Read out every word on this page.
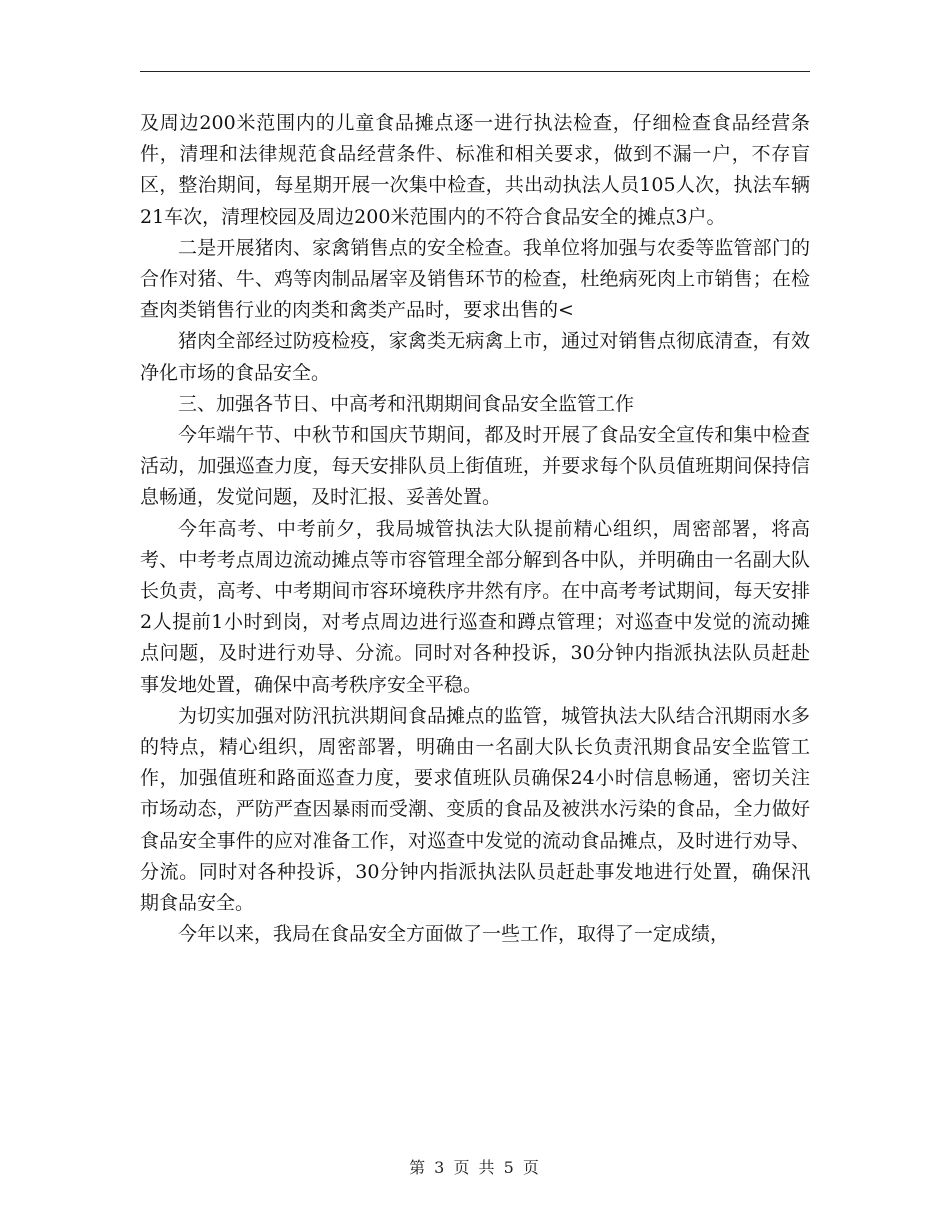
及周边200米范围内的儿童食品摊点逐一进行执法检查，仔细检查食品经营条件，清理和法律规范食品经营条件、标准和相关要求，做到不漏一户，不存盲区，整治期间，每星期开展一次集中检查，共出动执法人员105人次，执法车辆21车次，清理校园及周边200米范围内的不符合食品安全的摊点3户。

二是开展猪肉、家禽销售点的安全检查。我单位将加强与农委等监管部门的合作对猪、牛、鸡等肉制品屠宰及销售环节的检查，杜绝病死肉上市销售；在检查肉类销售行业的肉类和禽类产品时，要求出售的<

猪肉全部经过防疫检疫，家禽类无病禽上市，通过对销售点彻底清查，有效净化市场的食品安全。

三、加强各节日、中高考和汛期期间食品安全监管工作

今年端午节、中秋节和国庆节期间，都及时开展了食品安全宣传和集中检查活动，加强巡查力度，每天安排队员上街值班，并要求每个队员值班期间保持信息畅通，发觉问题，及时汇报、妥善处置。

今年高考、中考前夕，我局城管执法大队提前精心组织，周密部署，将高考、中考考点周边流动摊点等市容管理全部分解到各中队，并明确由一名副大队长负责，高考、中考期间市容环境秩序井然有序。在中高考考试期间，每天安排2人提前1小时到岗，对考点周边进行巡查和蹲点管理；对巡查中发觉的流动摊点问题，及时进行劝导、分流。同时对各种投诉，30分钟内指派执法队员赶赴事发地处置，确保中高考秩序安全平稳。

为切实加强对防汛抗洪期间食品摊点的监管，城管执法大队结合汛期雨水多的特点，精心组织，周密部署，明确由一名副大队长负责汛期食品安全监管工作，加强值班和路面巡查力度，要求值班队员确保24小时信息畅通，密切关注市场动态，严防严查因暴雨而受潮、变质的食品及被洪水污染的食品，全力做好食品安全事件的应对准备工作，对巡查中发觉的流动食品摊点，及时进行劝导、分流。同时对各种投诉，30分钟内指派执法队员赶赴事发地进行处置，确保汛期食品安全。

今年以来，我局在食品安全方面做了一些工作，取得了一定成绩，

第 3 页 共 5 页
